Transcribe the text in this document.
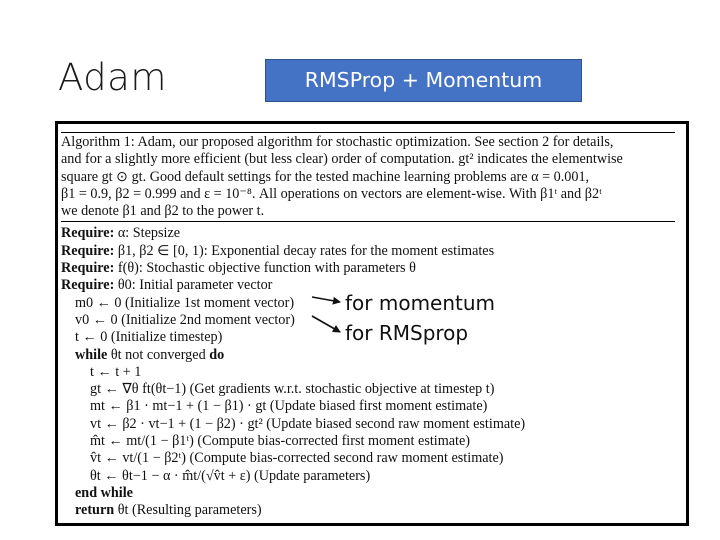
Adam	RMSProp + Momentum
Algorithm 1: Adam, our proposed algorithm for stochastic optimization. See section 2 for details,
and for a slightly more efficient (but less clear) order of computation. gt² indicates the elementwise
square gt ⊙ gt. Good default settings for the tested machine learning problems are α = 0.001,
β1 = 0.9, β2 = 0.999 and ε = 10⁻⁸. All operations on vectors are element-wise. With β1ᵗ and β2ᵗ
we denote β1 and β2 to the power t.
Require: α: Stepsize
Require: β1, β2 ∈ [0, 1): Exponential decay rates for the moment estimates
Require: f(θ): Stochastic objective function with parameters θ
Require: θ0: Initial parameter vector
m0 ← 0 (Initialize 1st moment vector)
v0 ← 0 (Initialize 2nd moment vector)
t ← 0 (Initialize timestep)
while θt not converged do
t ← t + 1
gt ← ∇θ ft(θt−1) (Get gradients w.r.t. stochastic objective at timestep t)
mt ← β1 · mt−1 + (1 − β1) · gt (Update biased first moment estimate)
vt ← β2 · vt−1 + (1 − β2) · gt² (Update biased second raw moment estimate)
m̂t ← mt/(1 − β1ᵗ) (Compute bias-corrected first moment estimate)
v̂t ← vt/(1 − β2ᵗ) (Compute bias-corrected second raw moment estimate)
θt ← θt−1 − α · m̂t/(√v̂t + ε) (Update parameters)
end while
return θt (Resulting parameters)
for momentum
for RMSprop
